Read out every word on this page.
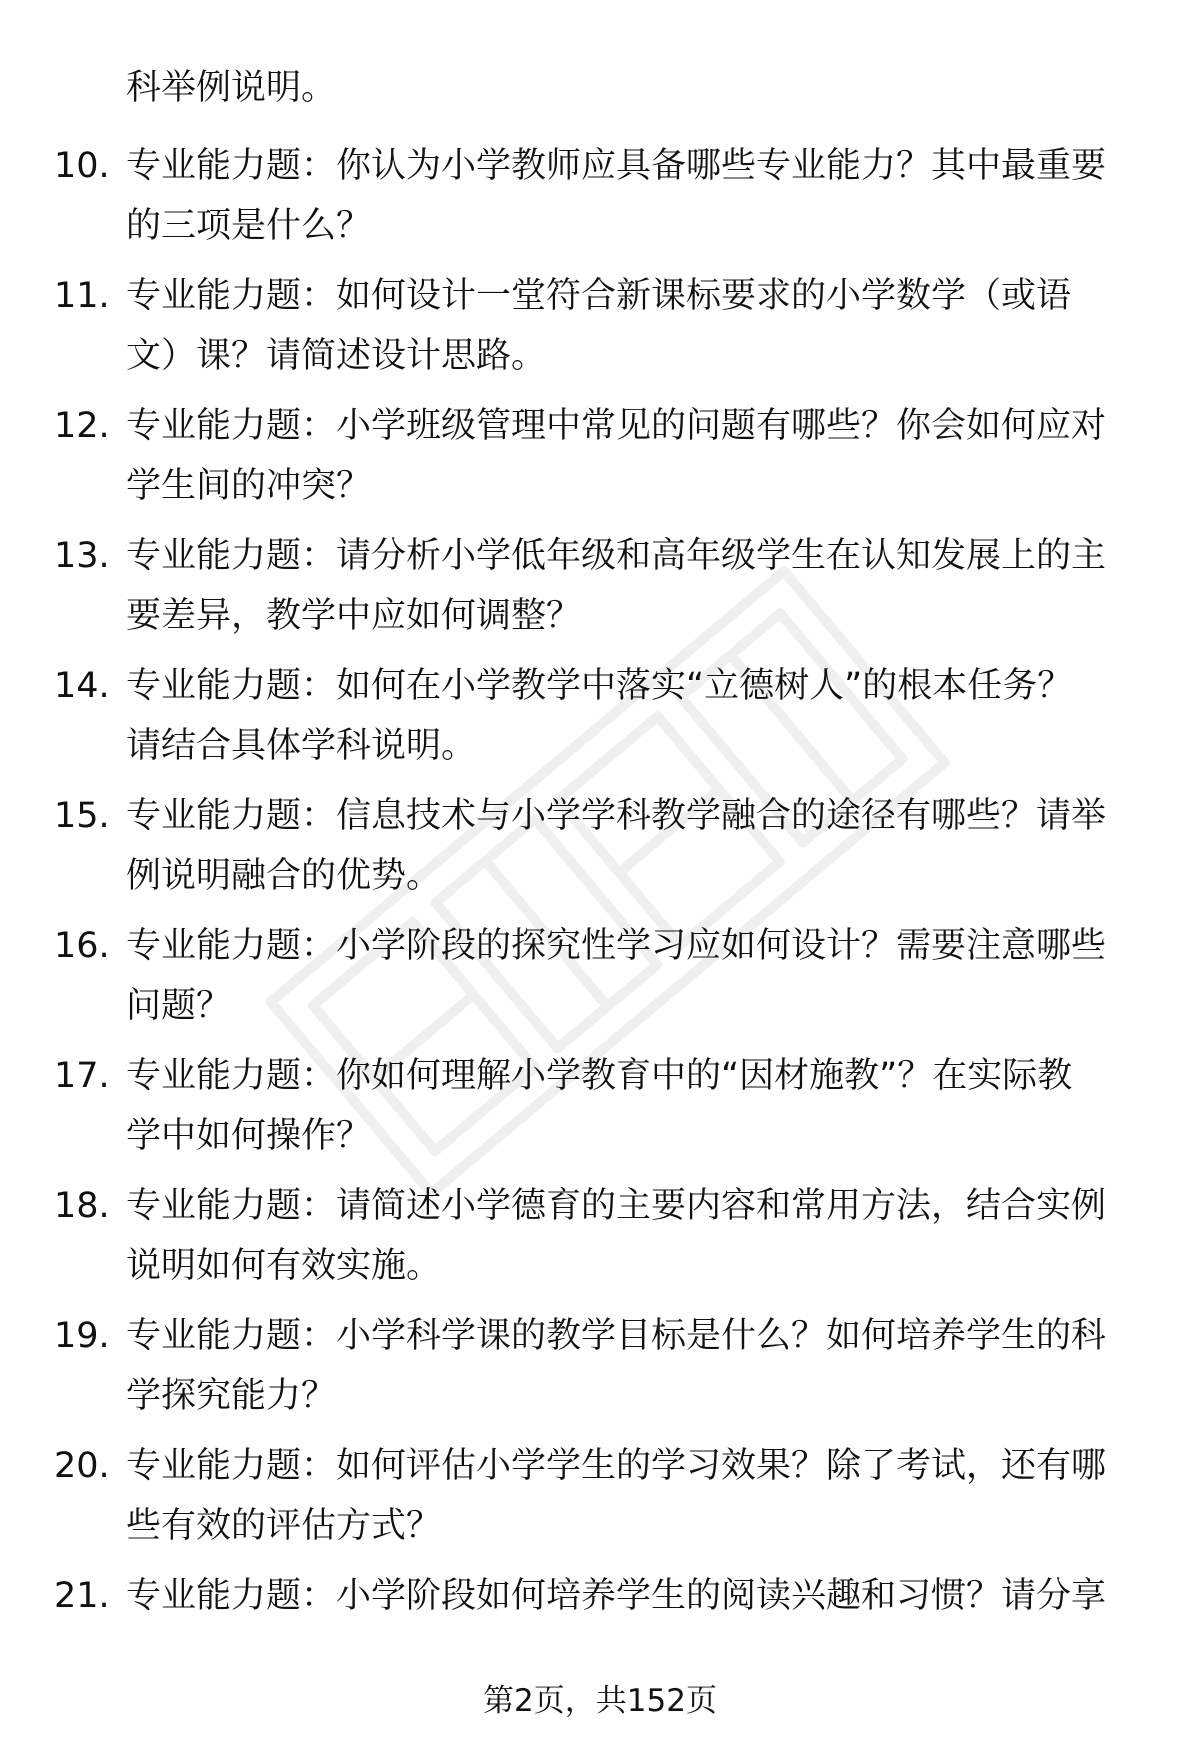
科举例说明。

10. 专业能力题：你认为小学教师应具备哪些专业能力？其中最重要
的三项是什么？
11. 专业能力题：如何设计一堂符合新课标要求的小学数学（或语
文）课？请简述设计思路。
12. 专业能力题：小学班级管理中常见的问题有哪些？你会如何应对
学生间的冲突？
13. 专业能力题：请分析小学低年级和高年级学生在认知发展上的主
要差异，教学中应如何调整？
14. 专业能力题：如何在小学教学中落实“立德树人”的根本任务？
请结合具体学科说明。
15. 专业能力题：信息技术与小学学科教学融合的途径有哪些？请举
例说明融合的优势。
16. 专业能力题：小学阶段的探究性学习应如何设计？需要注意哪些
问题？
17. 专业能力题：你如何理解小学教育中的“因材施教”？在实际教
学中如何操作？
18. 专业能力题：请简述小学德育的主要内容和常用方法，结合实例
说明如何有效实施。
19. 专业能力题：小学科学课的教学目标是什么？如何培养学生的科
学探究能力？
20. 专业能力题：如何评估小学学生的学习效果？除了考试，还有哪
些有效的评估方式？
21. 专业能力题：小学阶段如何培养学生的阅读兴趣和习惯？请分享
第2页，共152页
